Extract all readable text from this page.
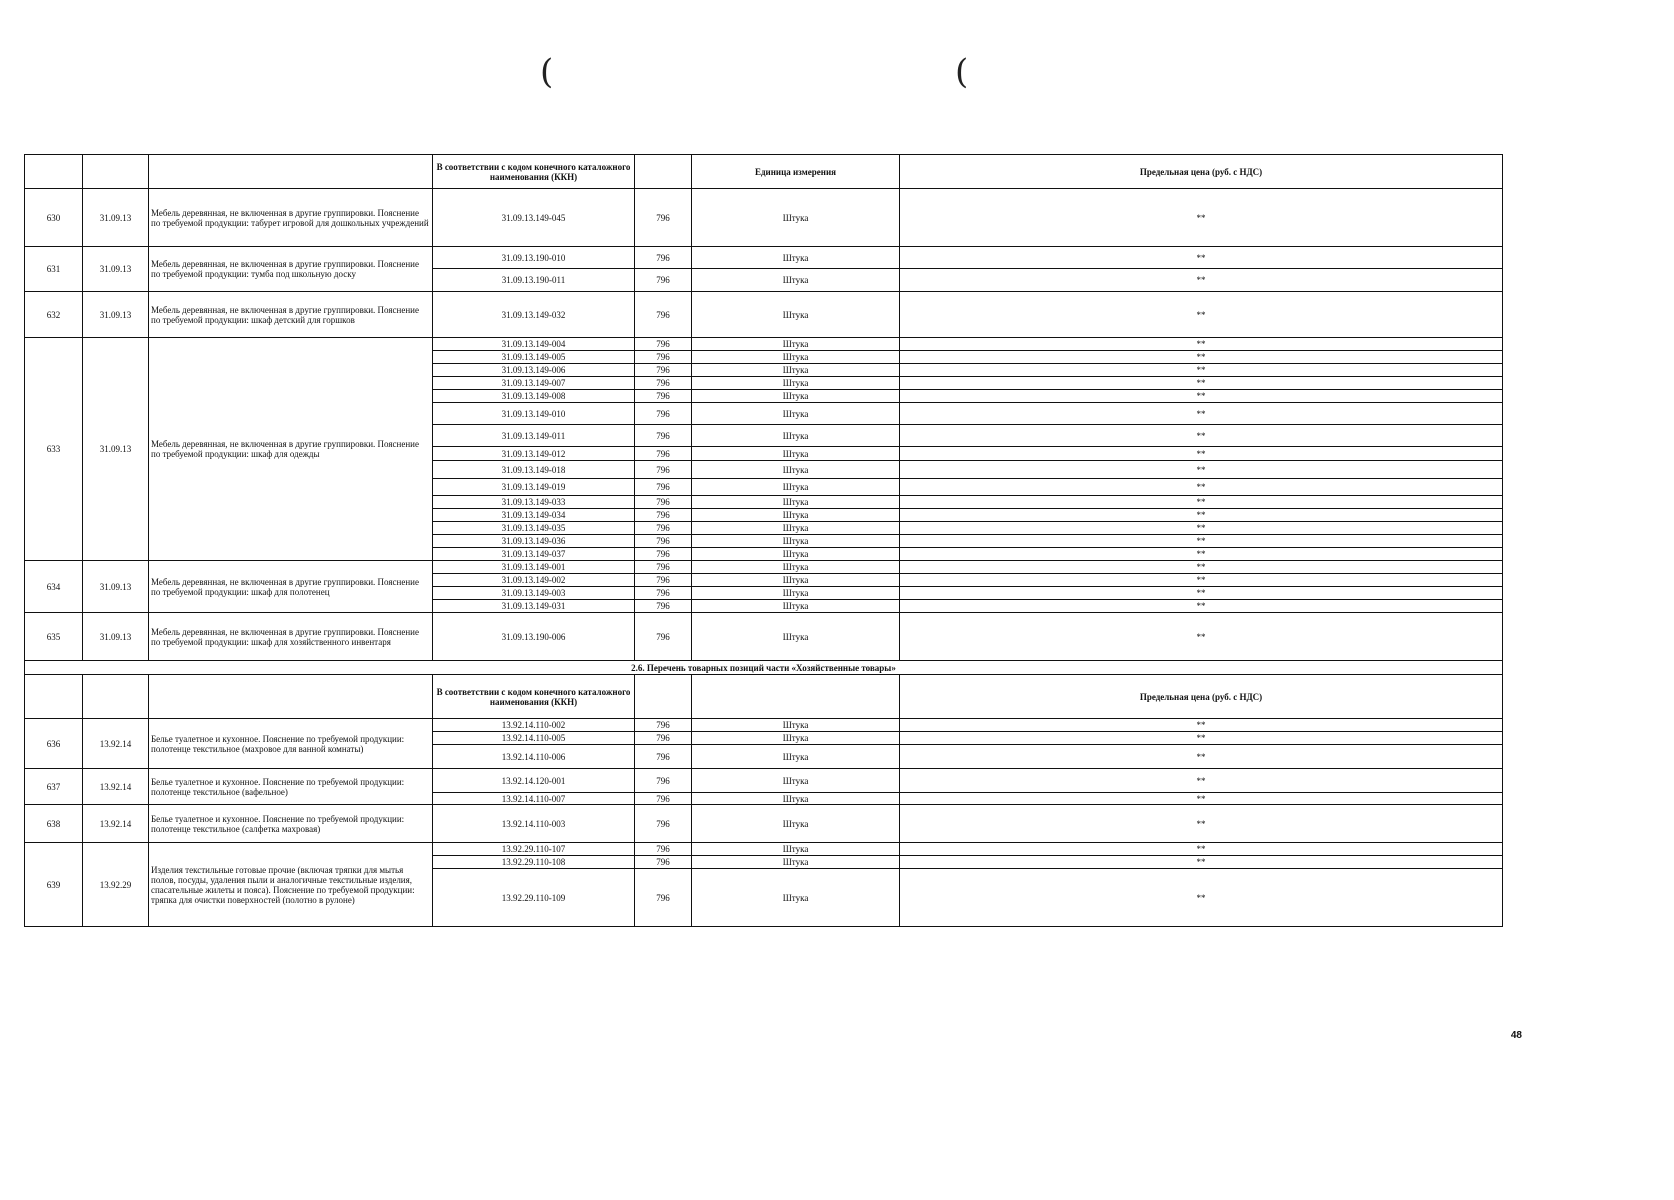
(	(
			В соответствии с кодом конечного каталожного наименования (ККН)		Единица измерения	Предельная цена (руб. с НДС)
630	31.09.13	Мебель деревянная, не включенная в другие группировки. Пояснение по требуемой продукции: табурет игровой для дошкольных учреждений	31.09.13.149-045	796	Штука	**
631	31.09.13	Мебель деревянная, не включенная в другие группировки. Пояснение по требуемой продукции: тумба под школьную доску	31.09.13.190-010	796	Штука	**
			31.09.13.190-011	796	Штука	**
632	31.09.13	Мебель деревянная, не включенная в другие группировки. Пояснение по требуемой продукции: шкаф детский для горшков	31.09.13.149-032	796	Штука	**
633	31.09.13	Мебель деревянная, не включенная в другие группировки. Пояснение по требуемой продукции: шкаф для одежды	31.09.13.149-004	796	Штука	**
			31.09.13.149-005	796	Штука	**
			31.09.13.149-006	796	Штука	**
			31.09.13.149-007	796	Штука	**
			31.09.13.149-008	796	Штука	**
			31.09.13.149-010	796	Штука	**
			31.09.13.149-011	796	Штука	**
			31.09.13.149-012	796	Штука	**
			31.09.13.149-018	796	Штука	**
			31.09.13.149-019	796	Штука	**
			31.09.13.149-033	796	Штука	**
			31.09.13.149-034	796	Штука	**
			31.09.13.149-035	796	Штука	**
			31.09.13.149-036	796	Штука	**
			31.09.13.149-037	796	Штука	**
634	31.09.13	Мебель деревянная, не включенная в другие группировки. Пояснение по требуемой продукции: шкаф для полотенец	31.09.13.149-001	796	Штука	**
			31.09.13.149-002	796	Штука	**
			31.09.13.149-003	796	Штука	**
			31.09.13.149-031	796	Штука	**
635	31.09.13	Мебель деревянная, не включенная в другие группировки. Пояснение по требуемой продукции: шкаф для хозяйственного инвентаря	31.09.13.190-006	796	Штука	**
2.6. Перечень товарных позиций части «Хозяйственные товары»						
			В соответствии с кодом конечного каталожного наименования (ККН)			Предельная цена (руб. с НДС)
636	13.92.14	Белье туалетное и кухонное. Пояснение по требуемой продукции: полотенце текстильное (махровое для ванной комнаты)	13.92.14.110-002	796	Штука	**
			13.92.14.110-005	796	Штука	**
			13.92.14.110-006	796	Штука	**
637	13.92.14	Белье туалетное и кухонное. Пояснение по требуемой продукции: полотенце текстильное (вафельное)	13.92.14.120-001	796	Штука	**
			13.92.14.110-007	796	Штука	**
638	13.92.14	Белье туалетное и кухонное. Пояснение по требуемой продукции: полотенце текстильное (салфетка махровая)	13.92.14.110-003	796	Штука	**
639	13.92.29	Изделия текстильные готовые прочие (включая тряпки для мытья полов, посуды, удаления пыли и аналогичные текстильные изделия, спасательные жилеты и пояса). Пояснение по требуемой продукции: тряпка для очистки поверхностей (полотно в рулоне)	13.92.29.110-107	796	Штука	**
			13.92.29.110-108	796	Штука	**
			13.92.29.110-109	796	Штука	**
48
